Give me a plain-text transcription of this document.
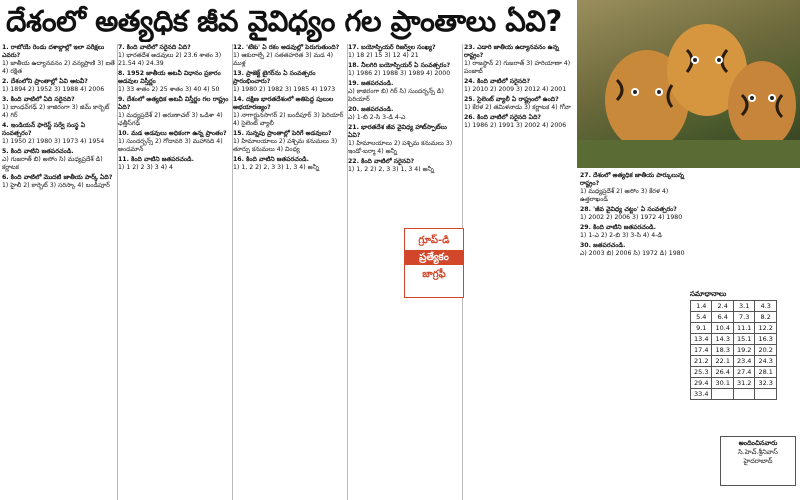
దేశంలో అత్యధిక జీవ వైవిధ్యం గల ప్రాంతాలు ఏవి?

1. రాబోయే రెండు దశాబ్దాల్లో ఇలా పరీక్షలు ఎవరు?
1) జాతీయ ఉద్యానవనం 2) వన్యప్రాణి 3) ఐతే 4) రక్షిత

2. దేశంలోని ప్రాంతాల్లో ఏవి అటవీ?
1) 1894 2) 1952 3) 1988 4) 2006

3. కింది వాటిలో ఏది సరైనది?
1) బాంధవ్‌గఢ్ 2) కాజిరంగా 3) జిమ్ కార్బెట్ 4) గిర్

4. ఇండియన్ ఫారెస్ట్ సర్వే సంస్థ ఏ సంవత్సరం?
1) 1950 2) 1980 3) 1973 4) 1954

5. కింది వాటిని జతపరచండి.
ఎ) గుజరాత్ బి) అసోం సి) మధ్యప్రదేశ్ డి) కర్ణాటక

6. కింది వాటిలో మొదటి జాతీయ పార్క్ ఏది?
1) హైలీ 2) కార్బెట్ 3) సరిస్కా 4) బండీపూర్

7. కింది వాటిలో సరైనది ఏది?
1) భారతదేశ అడవులు 2) 23.6 శాతం 3) 21.54 4) 24.39

8. 1952 జాతీయ అటవీ విధానం ప్రకారం అడవుల విస్తీర్ణం
1) 33 శాతం 2) 25 శాతం 3) 40 4) 50

9. దేశంలో అత్యధిక అటవీ విస్తీర్ణం గల రాష్ట్రం ఏది?
1) మధ్యప్రదేశ్ 2) అరుణాచల్ 3) ఒడిశా 4) ఛత్తీస్‌గఢ్

10. మడ అడవులు అధికంగా ఉన్న ప్రాంతం?
1) సుందర్బన్స్ 2) గోదావరి 3) మహానది 4) అండమాన్

11. కింది వాటిని జతపరచండి.
1) 1 2) 2 3) 3 4) 4

12. 'టేకు' ఏ రకం అడవుల్లో పెరుగుతుంది?
1) ఆకురాల్చే 2) సతతహరిత 3) మడ 4) ముళ్ల

13. ప్రాజెక్ట్ టైగర్‌ను ఏ సంవత్సరం ప్రారంభించారు?
1) 1980 2) 1982 3) 1985 4) 1973

14. దక్షిణ భారతదేశంలో అతిపెద్ద పులుల అభయారణ్యం?
1) నాగార్జునసాగర్ 2) బందీపూర్ 3) పెరియార్ 4) సైలెంట్ వ్యాలీ

15. సున్నపు ప్రాంతాల్లో పెరిగే అడవులు?
1) హిమాలయాలు 2) పశ్చిమ కనుమలు 3) తూర్పు కనుమలు 4) వింధ్య

16. కింది వాటిని జతపరచండి.
1) 1, 2 2) 2, 3 3) 1, 3 4) అన్నీ

17. బయోస్ఫియర్ రిజర్వ్‌ల సంఖ్య?
1) 18 2) 15 3) 12 4) 21

18. నీలగిరి బయోస్ఫియర్ ఏ సంవత్సరం?
1) 1986 2) 1988 3) 1989 4) 2000

19. జతపరచండి.
ఎ) కాజిరంగా బి) గిర్ సి) సుందర్బన్స్ డి) పెరియార్

20. జతపరచండి.
ఎ) 1-బి 2-సి 3-డి 4-ఎ

21. భారతదేశ జీవ వైవిధ్య హాట్‌స్పాట్‌లు ఏవి?
1) హిమాలయాలు 2) పశ్చిమ కనుమలు 3) ఇండో-బర్మా 4) అన్నీ

22. కింది వాటిలో సరైనవి?
1) 1, 2 2) 2, 3 3) 1, 3 4) అన్నీ

23. ఎడారి జాతీయ ఉద్యానవనం ఉన్న రాష్ట్రం?
1) రాజస్థాన్ 2) గుజరాత్ 3) హరియాణా 4) పంజాబ్

24. కింది వాటిలో సరైనది?
1) 2010 2) 2009 3) 2012 4) 2001

25. సైలెంట్ వ్యాలీ ఏ రాష్ట్రంలో ఉంది?
1) కేరళ 2) తమిళనాడు 3) కర్ణాటక 4) గోవా

26. కింది వాటిలో సరైనది ఏది?
1) 1986 2) 1991 3) 2002 4) 2006

గ్రూప్-డి
ప్రత్యేకం
జాగ్రఫీ

27. దేశంలో అత్యధిక జాతీయ పార్కులున్న రాష్ట్రం?
1) మధ్యప్రదేశ్ 2) అసోం 3) కేరళ 4) ఉత్తరాఖండ్

28. 'జీవ వైవిధ్య చట్టం' ఏ సంవత్సరం?
1) 2002 2) 2006 3) 1972 4) 1980

29. కింది వాటిని జతపరచండి.
1) 1-ఎ 2) 2-బి 3) 3-సి 4) 4-డి

30. జతపరచండి.
ఎ) 2003 బి) 2006 సి) 1972 డి) 1980

సమాధానాలు
1.4	2.4	3.1	4.3
5.4	6.4	7.3	8.2
9.1	10.4	11.1	12.2
13.4	14.3	15.1	16.3
17.4	18.3	19.2	20.2
21.2	22.1	23.4	24.3
25.3	26.4	27.4	28.1
29.4	30.1	31.2	32.3
33.4			
అందించినవారు
సి.హెచ్.శ్రీనివాస్
హైదరాబాద్
